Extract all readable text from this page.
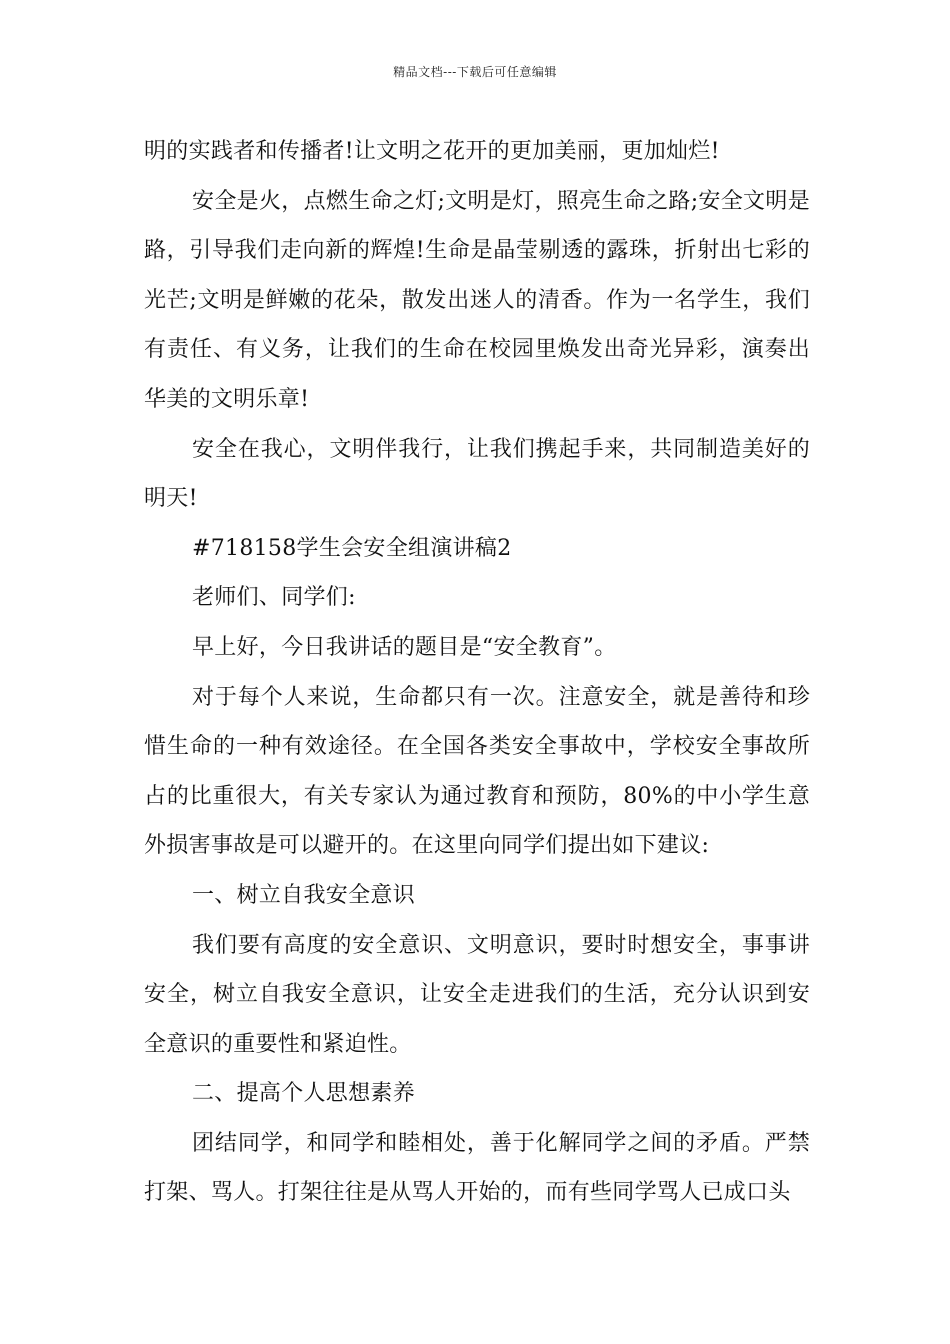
精品文档---下载后可任意编辑

明的实践者和传播者!让文明之花开的更加美丽，更加灿烂!

安全是火，点燃生命之灯;文明是灯，照亮生命之路;安全文明是路，引导我们走向新的辉煌!生命是晶莹剔透的露珠，折射出七彩的光芒;文明是鲜嫩的花朵，散发出迷人的清香。作为一名学生，我们有责任、有义务，让我们的生命在校园里焕发出奇光异彩，演奏出华美的文明乐章!

安全在我心，文明伴我行，让我们携起手来，共同制造美好的明天!

#718158学生会安全组演讲稿2

老师们、同学们:

早上好，今日我讲话的题目是“安全教育”。

对于每个人来说，生命都只有一次。注意安全，就是善待和珍惜生命的一种有效途径。在全国各类安全事故中，学校安全事故所占的比重很大，有关专家认为通过教育和预防，80%的中小学生意外损害事故是可以避开的。在这里向同学们提出如下建议:

一、树立自我安全意识

我们要有高度的安全意识、文明意识，要时时想安全，事事讲安全，树立自我安全意识，让安全走进我们的生活，充分认识到安全意识的重要性和紧迫性。

二、提高个人思想素养

团结同学，和同学和睦相处，善于化解同学之间的矛盾。严禁打架、骂人。打架往往是从骂人开始的，而有些同学骂人已成口头
